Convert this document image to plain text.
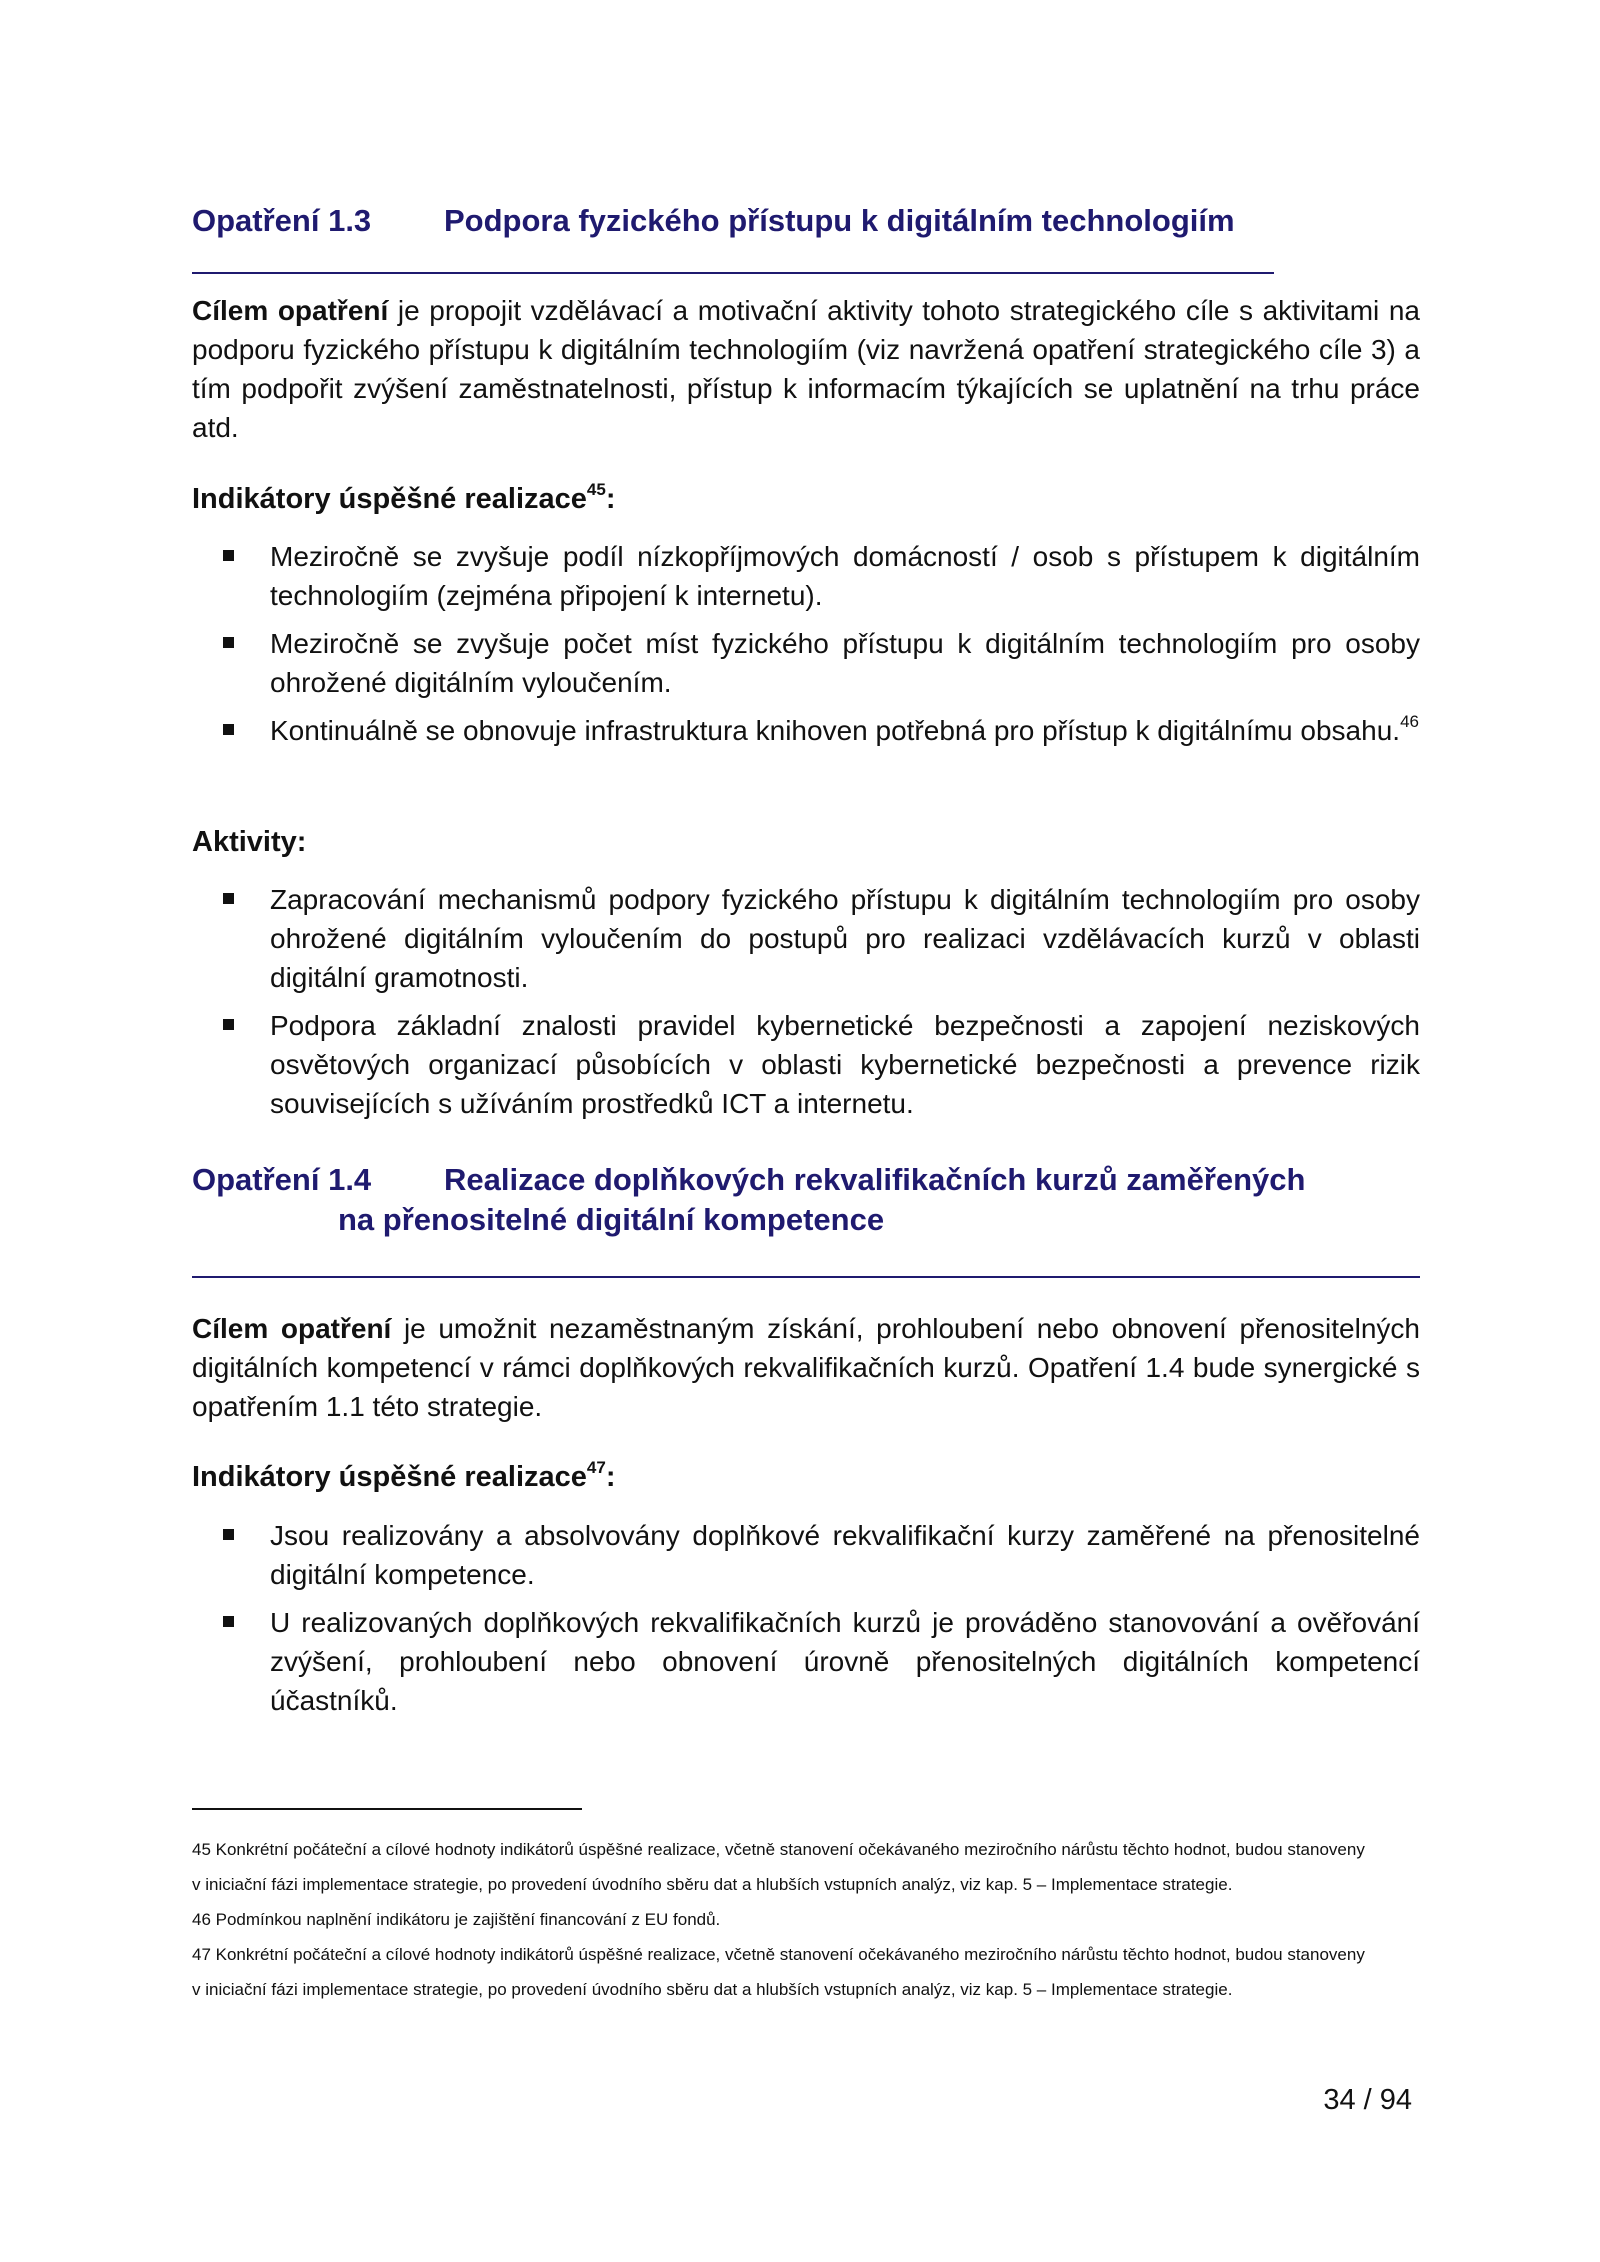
Opatření 1.3 Podpora fyzického přístupu k digitálním technologiím
Cílem opatření je propojit vzdělávací a motivační aktivity tohoto strategického cíle s aktivitami na podporu fyzického přístupu k digitálním technologiím (viz navržená opatření strategického cíle 3) a tím podpořit zvýšení zaměstnatelnosti, přístup k informacím týkajících se uplatnění na trhu práce atd.
Indikátory úspěšné realizace$^{45}$:
Meziročně se zvyšuje podíl nízkopříjmových domácností / osob s přístupem k digitálním technologiím (zejména připojení k internetu).
Meziročně se zvyšuje počet míst fyzického přístupu k digitálním technologiím pro osoby ohrožené digitálním vyloučením.
Kontinuálně se obnovuje infrastruktura knihoven potřebná pro přístup k digitálnímu obsahu.$^{46}$
Aktivity:
Zapracování mechanismů podpory fyzického přístupu k digitálním technologiím pro osoby ohrožené digitálním vyloučením do postupů pro realizaci vzdělávacích kurzů v oblasti digitální gramotnosti.
Podpora základní znalosti pravidel kybernetické bezpečnosti a zapojení neziskových osvětových organizací působících v oblasti kybernetické bezpečnosti a prevence rizik souvisejících s užíváním prostředků ICT a internetu.
Opatření 1.4 Realizace doplňkových rekvalifikačních kurzů zaměřených
na přenositelné digitální kompetence
Cílem opatření je umožnit nezaměstnaným získání, prohloubení nebo obnovení přenositelných digitálních kompetencí v rámci doplňkových rekvalifikačních kurzů. Opatření 1.4 bude synergické s opatřením 1.1 této strategie.
Indikátory úspěšné realizace$^{47}$:
Jsou realizovány a absolvovány doplňkové rekvalifikační kurzy zaměřené na přenositelné digitální kompetence.
U realizovaných doplňkových rekvalifikačních kurzů je prováděno stanovování a ověřování zvýšení, prohloubení nebo obnovení úrovně přenositelných digitálních kompetencí účastníků.

45 Konkrétní počáteční a cílové hodnoty indikátorů úspěšné realizace, včetně stanovení očekávaného meziročního nárůstu těchto hodnot, budou stanoveny v iniciační fázi implementace strategie, po provedení úvodního sběru dat a hlubších vstupních analýz, viz kap. 5 – Implementace strategie.

46 Podmínkou naplnění indikátoru je zajištění financování z EU fondů.

47 Konkrétní počáteční a cílové hodnoty indikátorů úspěšné realizace, včetně stanovení očekávaného meziročního nárůstu těchto hodnot, budou stanoveny v iniciační fázi implementace strategie, po provedení úvodního sběru dat a hlubších vstupních analýz, viz kap. 5 – Implementace strategie.

34 / 94
